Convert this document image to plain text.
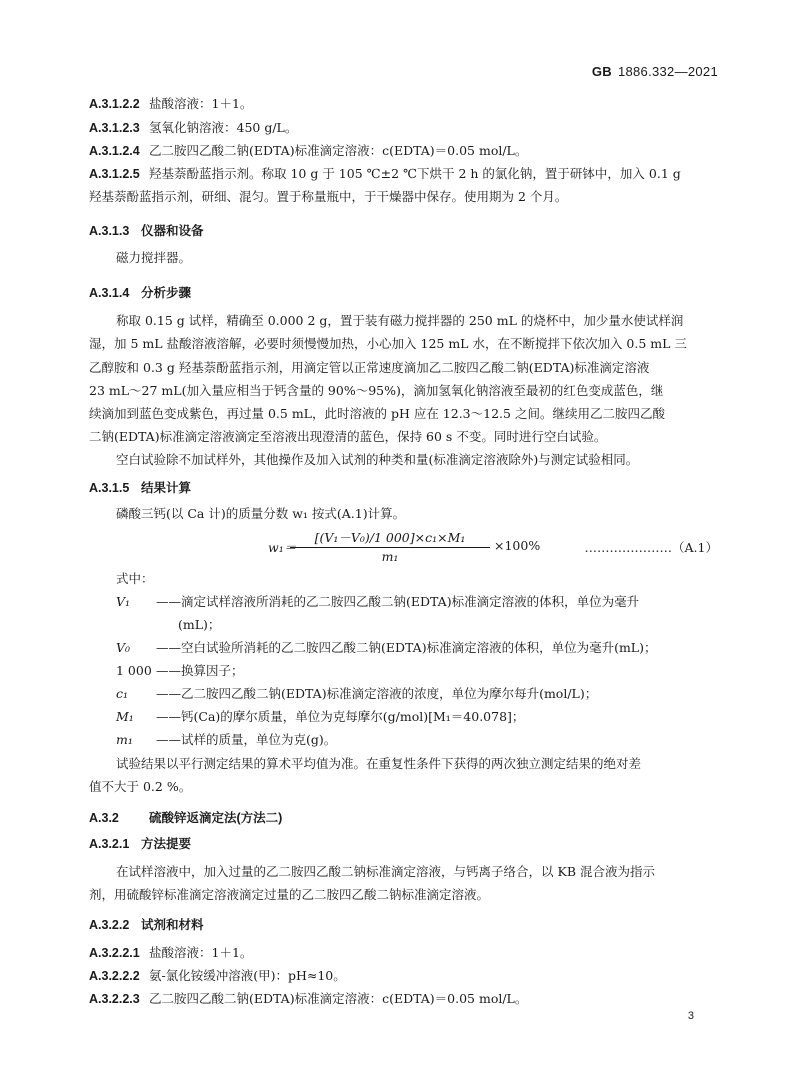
GB 1886.332—2021
A.3.1.2.2 盐酸溶液：1＋1。
A.3.1.2.3 氢氧化钠溶液：450 g/L。
A.3.1.2.4 乙二胺四乙酸二钠(EDTA)标准滴定溶液：c(EDTA)＝0.05 mol/L。
A.3.1.2.5 羟基萘酚蓝指示剂。称取 10 g 于 105 ℃±2 ℃下烘干 2 h 的氯化钠，置于研钵中，加入 0.1 g
羟基萘酚蓝指示剂，研细、混匀。置于称量瓶中，于干燥器中保存。使用期为 2 个月。
A.3.1.3 仪器和设备
磁力搅拌器。
A.3.1.4 分析步骤
称取 0.15 g 试样，精确至 0.000 2 g，置于装有磁力搅拌器的 250 mL 的烧杯中，加少量水使试样润
湿，加 5 mL 盐酸溶液溶解，必要时须慢慢加热，小心加入 125 mL 水，在不断搅拌下依次加入 0.5 mL 三
乙醇胺和 0.3 g 羟基萘酚蓝指示剂，用滴定管以正常速度滴加乙二胺四乙酸二钠(EDTA)标准滴定溶液
23 mL～27 mL(加入量应相当于钙含量的 90%～95%)，滴加氢氧化钠溶液至最初的红色变成蓝色，继
续滴加到蓝色变成紫色，再过量 0.5 mL，此时溶液的 pH 应在 12.3～12.5 之间。继续用乙二胺四乙酸
二钠(EDTA)标准滴定溶液滴定至溶液出现澄清的蓝色，保持 60 s 不变。同时进行空白试验。
空白试验除不加试样外，其他操作及加入试剂的种类和量(标准滴定溶液除外)与测定试验相同。
A.3.1.5 结果计算
磷酸三钙(以 Ca 计)的质量分数 w₁ 按式(A.1)计算。
w₁＝
$\frac{\text{[(V₁－V₀)/1 000]×c₁×M₁}}{\text{m₁}} \times 100\%$	…………………（A.1）
式中：
V₁ ——滴定试样溶液所消耗的乙二胺四乙酸二钠(EDTA)标准滴定溶液的体积，单位为毫升
(mL)；
V₀ ——空白试验所消耗的乙二胺四乙酸二钠(EDTA)标准滴定溶液的体积，单位为毫升(mL)；
1 000 ——换算因子；
c₁ ——乙二胺四乙酸二钠(EDTA)标准滴定溶液的浓度，单位为摩尔每升(mol/L)；
M₁ ——钙(Ca)的摩尔质量，单位为克每摩尔(g/mol)[M₁＝40.078]；
m₁ ——试样的质量，单位为克(g)。
试验结果以平行测定结果的算术平均值为准。在重复性条件下获得的两次独立测定结果的绝对差
值不大于 0.2 %。
A.3.2 硫酸锌返滴定法(方法二)
A.3.2.1 方法提要
在试样溶液中，加入过量的乙二胺四乙酸二钠标准滴定溶液，与钙离子络合，以 KB 混合液为指示
剂，用硫酸锌标准滴定溶液滴定过量的乙二胺四乙酸二钠标准滴定溶液。
A.3.2.2 试剂和材料
A.3.2.2.1 盐酸溶液：1＋1。
A.3.2.2.2 氨-氯化铵缓冲溶液(甲)：pH≈10。
A.3.2.2.3 乙二胺四乙酸二钠(EDTA)标准滴定溶液：c(EDTA)＝0.05 mol/L。
3
